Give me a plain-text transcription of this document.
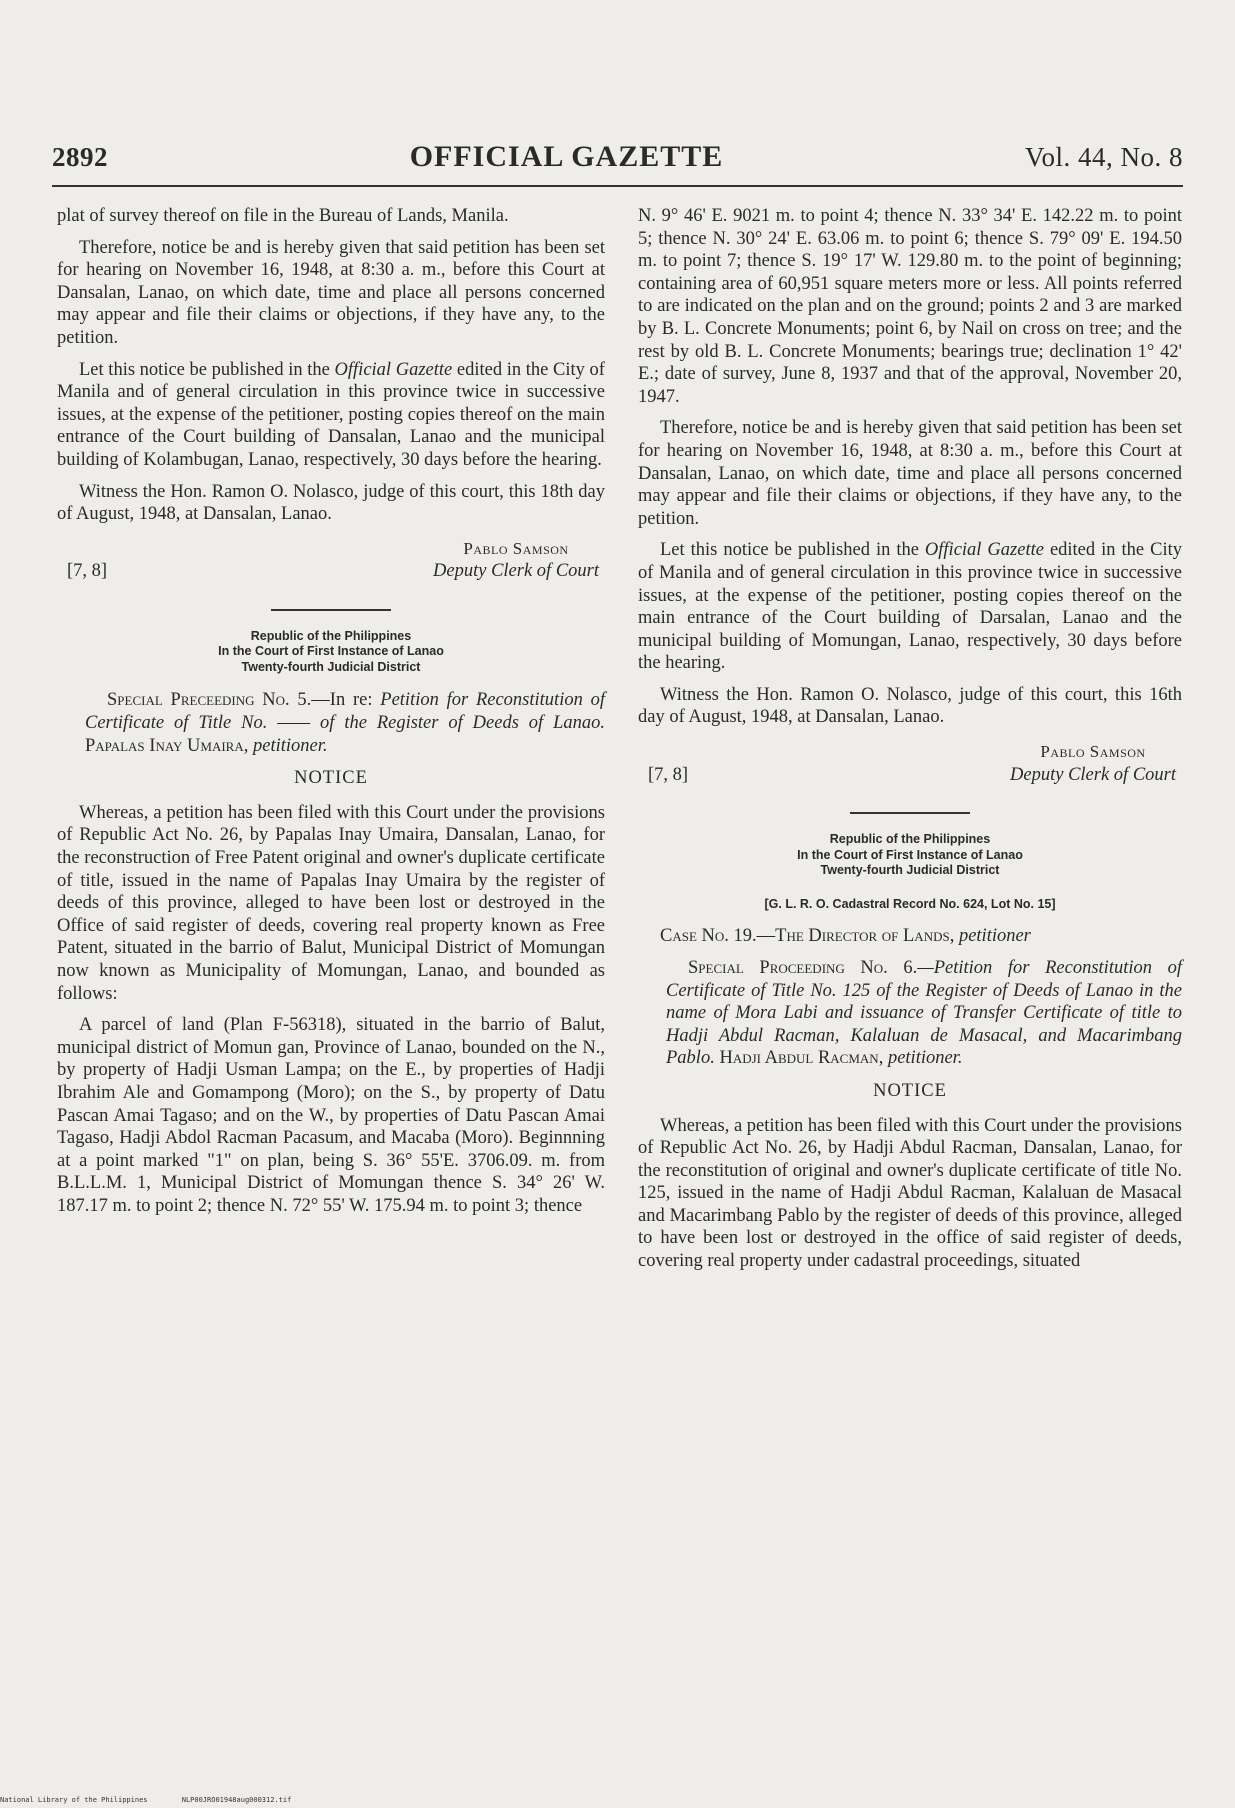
2892	OFFICIAL GAZETTE	Vol. 44, No. 8

plat of survey thereof on file in the Bureau of Lands, Manila.

Therefore, notice be and is hereby given that said petition has been set for hearing on November 16, 1948, at 8:30 a. m., before this Court at Dansalan, Lanao, on which date, time and place all persons concerned may appear and file their claims or objections, if they have any, to the petition.

Let this notice be published in the Official Gazette edited in the City of Manila and of general circulation in this province twice in successive issues, at the expense of the petitioner, posting copies thereof on the main entrance of the Court building of Dansalan, Lanao and the municipal building of Kolambugan, Lanao, respectively, 30 days before the hearing.

Witness the Hon. Ramon O. Nolasco, judge of this court, this 18th day of August, 1948, at Dansalan, Lanao.

[7, 8]
Pablo Samson
Deputy Clerk of Court
Republic of the Philippines
In the Court of First Instance of Lanao
Twenty-fourth Judicial District

Special Preceeding No. 5.—In re: Petition for Reconstitution of Certificate of Title No. —— of the Register of Deeds of Lanao. Papalas Inay Umaira, petitioner.

NOTICE

Whereas, a petition has been filed with this Court under the provisions of Republic Act No. 26, by Papalas Inay Umaira, Dansalan, Lanao, for the reconstruction of Free Patent original and owner's duplicate certificate of title, issued in the name of Papalas Inay Umaira by the register of deeds of this province, alleged to have been lost or destroyed in the Office of said register of deeds, covering real property known as Free Patent, situated in the barrio of Balut, Municipal District of Momungan now known as Municipality of Momungan, Lanao, and bounded as follows:

A parcel of land (Plan F-56318), situated in the barrio of Balut, municipal district of Momun gan, Province of Lanao, bounded on the N., by property of Hadji Usman Lampa; on the E., by properties of Hadji Ibrahim Ale and Gomampong (Moro); on the S., by property of Datu Pascan Amai Tagaso; and on the W., by properties of Datu Pascan Amai Tagaso, Hadji Abdol Racman Pacasum, and Macaba (Moro). Beginnning at a point marked "1" on plan, being S. 36° 55'E. 3706.09. m. from B.L.L.M. 1, Municipal District of Momungan thence S. 34° 26' W. 187.17 m. to point 2; thence N. 72° 55' W. 175.94 m. to point 3; thence

N. 9° 46' E. 9021 m. to point 4; thence N. 33° 34' E. 142.22 m. to point 5; thence N. 30° 24' E. 63.06 m. to point 6; thence S. 79° 09' E. 194.50 m. to point 7; thence S. 19° 17' W. 129.80 m. to the point of beginning; containing area of 60,951 square meters more or less. All points referred to are indicated on the plan and on the ground; points 2 and 3 are marked by B. L. Concrete Monuments; point 6, by Nail on cross on tree; and the rest by old B. L. Concrete Monuments; bearings true; declination 1° 42' E.; date of survey, June 8, 1937 and that of the approval, November 20, 1947.

Therefore, notice be and is hereby given that said petition has been set for hearing on November 16, 1948, at 8:30 a. m., before this Court at Dansalan, Lanao, on which date, time and place all persons concerned may appear and file their claims or objections, if they have any, to the petition.

Let this notice be published in the Official Gazette edited in the City of Manila and of general circulation in this province twice in successive issues, at the expense of the petitioner, posting copies thereof on the main entrance of the Court building of Darsalan, Lanao and the municipal building of Momungan, Lanao, respectively, 30 days before the hearing.

Witness the Hon. Ramon O. Nolasco, judge of this court, this 16th day of August, 1948, at Dansalan, Lanao.

[7, 8]
Pablo Samson
Deputy Clerk of Court
Republic of the Philippines
In the Court of First Instance of Lanao
Twenty-fourth Judicial District
[G. L. R. O. Cadastral Record No. 624, Lot No. 15]

Case No. 19.—The Director of Lands, petitioner

Special Proceeding No. 6.—Petition for Reconstitution of Certificate of Title No. 125 of the Register of Deeds of Lanao in the name of Mora Labi and issuance of Transfer Certificate of title to Hadji Abdul Racman, Kalaluan de Masacal, and Macarimbang Pablo. Hadji Abdul Racman, petitioner.

NOTICE

Whereas, a petition has been filed with this Court under the provisions of Republic Act No. 26, by Hadji Abdul Racman, Dansalan, Lanao, for the reconstitution of original and owner's duplicate certificate of title No. 125, issued in the name of Hadji Abdul Racman, Kalaluan de Masacal and Macarimbang Pablo by the register of deeds of this province, alleged to have been lost or destroyed in the office of said register of deeds, covering real property under cadastral proceedings, situated

National Library of the Philippines	NLP00JRO01948aug000312.tif
